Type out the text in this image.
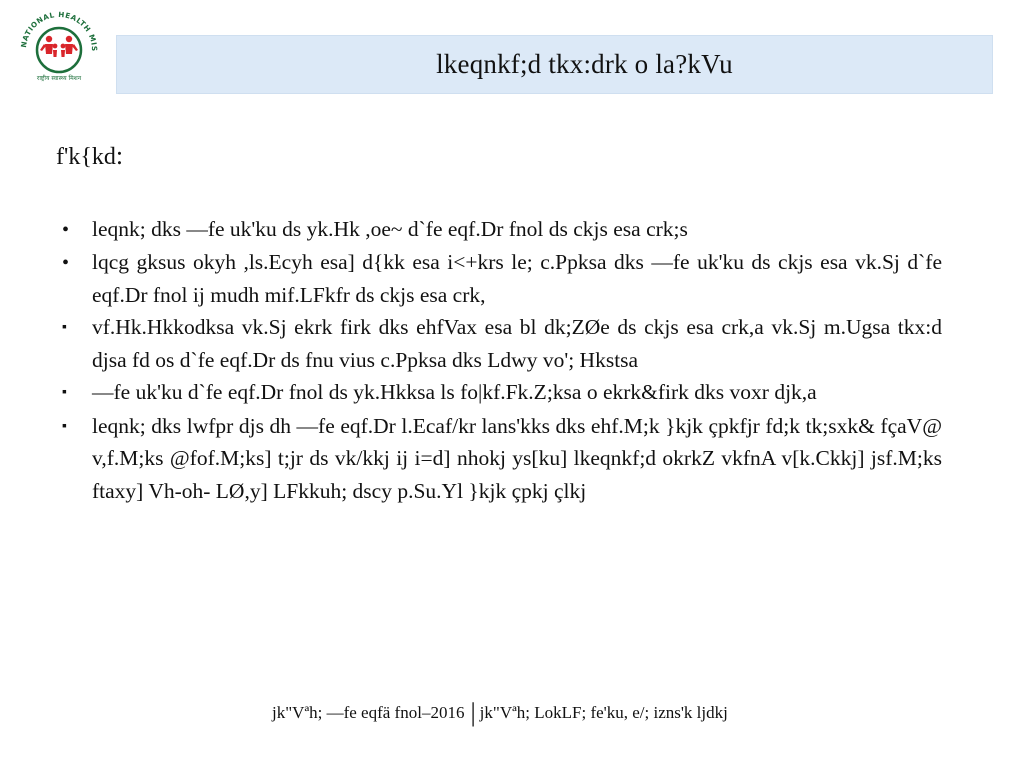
NATIONAL HEALTH MIS
राष्ट्रीय स्वास्थ्य मिशन	lkeqnkf;d tkx:drk o la?kVu
f'k{kd:
•	leqnk; dks —fe uk'ku ds yk.Hk ,oe~ d`fe eqf.Dr fnol ds ckjs esa crk;s
•	lqcg gksus okyh ,ls.Ecyh esa] d{kk esa i<+krs le; c.Ppksa dks —fe uk'ku ds ckjs esa vk.Sj d`fe eqf.Dr fnol ij mudh mif.LFkfr ds ckjs esa crk,
▪	vf.Hk.Hkkodksa vk.Sj ekrk firk dks ehfVax esa bl dk;ZØe ds ckjs esa crk,a vk.Sj m.Ugsa tkx:d djsa fd os d`fe eqf.Dr ds fnu vius c.Ppksa dks Ldwy vo'; Hkstsa
▪	—fe uk'ku d`fe eqf.Dr fnol ds yk.Hkksa ls fo|kf.Fk.Z;ksa o ekrk&firk dks voxr djk,a
▪	leqnk; dks lwfpr djs dh —fe eqf.Dr l.Ecaf/kr lans'kks dks ehf.M;k }kjk çpkfjr fd;k tk;sxk& fçaV@ v,f.M;ks @fof.M;ks] t;jr ds vk/kkj ij i=d] nhokj ys[ku] lkeqnkf;d okrkZ vkfnA v[k.Ckkj] jsf.M;ks ftaxy] Vh-oh- LØ,y] LFkkuh; dscy p.Su.Yl }kjk çpkj çlkj
jk"Vªh; —fe eqfä fnol–2016 | jk"Vªh; LokLF; fe'ku, e/; izns'k ljdkj
